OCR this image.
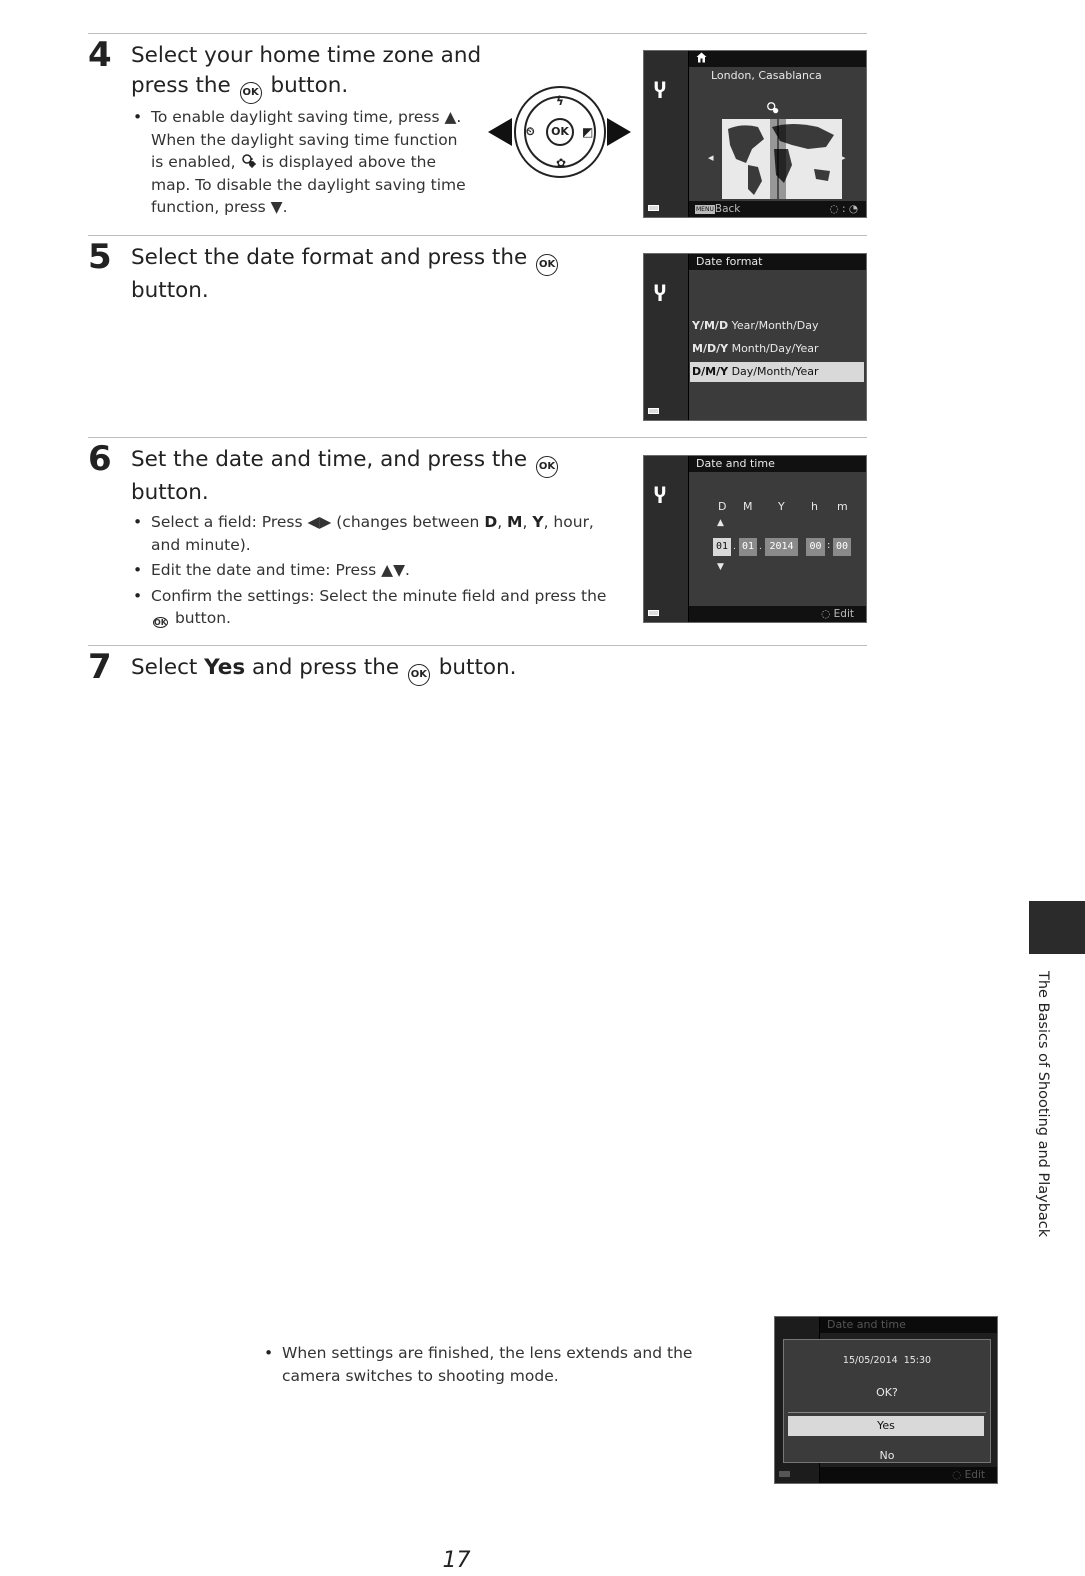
4 Select your home time zone and
press the OK button.
• To enable daylight saving time, press ▲.
When the daylight saving time function
is enabled, is displayed above the
map. To disable the daylight saving time
function, press ▼.
ϟ
⏲	◩
✿
OK
Ⴤ
London, Casablanca
◂	▸
MENUBack	◌ : ◔
5 Select the date format and press the OK
button.	Ⴤ
Date format
Y/M/D Year/Month/Day
M/D/Y Month/Day/Year
D/M/Y Day/Month/Year
6 Set the date and time, and press the OK
button.
• Select a field: Press ◀▶ (changes between D, M, Y, hour,
and minute).
• Edit the date and time: Press ▲▼.
• Confirm the settings: Select the minute field and press the
OK button.
Ⴤ
Date and time
D M Y h m
▲
01 . 01 . 2014	00 : 00
▼
◌ Edit
7 Select Yes and press the OK button.
• When settings are finished, the lens extends and the
camera switches to shooting mode.
Date and time
15/05/2014  15:30
OK?
Yes
No
◌ Edit
The Basics of Shooting and Playback
17
